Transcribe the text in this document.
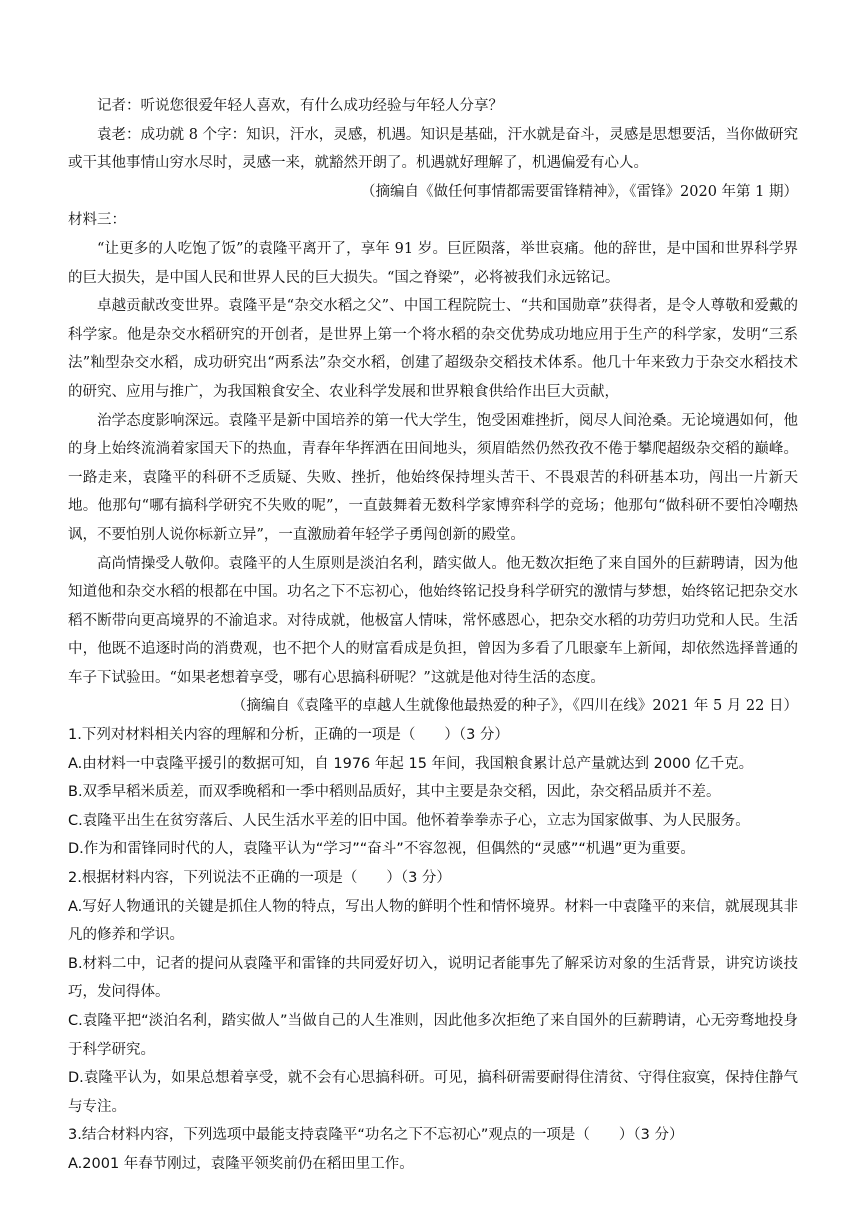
记者：听说您很爱年轻人喜欢，有什么成功经验与年轻人分享？

袁老：成功就 8 个字：知识，汗水，灵感，机遇。知识是基础，汗水就是奋斗，灵感是思想要活，当你做研究或干其他事情山穷水尽时，灵感一来，就豁然开朗了。机遇就好理解了，机遇偏爱有心人。

（摘编自《做任何事情都需要雷锋精神》，《雷锋》2020 年第 1 期）

材料三：

“让更多的人吃饱了饭”的袁隆平离开了，享年 91 岁。巨匠陨落，举世哀痛。他的辞世，是中国和世界科学界的巨大损失，是中国人民和世界人民的巨大损失。“国之脊梁”，必将被我们永远铭记。

卓越贡献改变世界。袁隆平是“杂交水稻之父”、中国工程院院士、“共和国勋章”获得者，是令人尊敬和爱戴的科学家。他是杂交水稻研究的开创者，是世界上第一个将水稻的杂交优势成功地应用于生产的科学家，发明“三系法”籼型杂交水稻，成功研究出“两系法”杂交水稻，创建了超级杂交稻技术体系。他几十年来致力于杂交水稻技术的研究、应用与推广，为我国粮食安全、农业科学发展和世界粮食供给作出巨大贡献，

治学态度影响深远。袁隆平是新中国培养的第一代大学生，饱受困难挫折，阅尽人间沧桑。无论境遇如何，他的身上始终流淌着家国天下的热血，青春年华挥洒在田间地头，须眉皓然仍然孜孜不倦于攀爬超级杂交稻的巅峰。一路走来，袁隆平的科研不乏质疑、失败、挫折，他始终保持埋头苦干、不畏艰苦的科研基本功，闯出一片新天地。他那句“哪有搞科学研究不失败的呢”，一直鼓舞着无数科学家博弈科学的竞场；他那句“做科研不要怕冷嘲热讽，不要怕别人说你标新立异”，一直激励着年轻学子勇闯创新的殿堂。

高尚情操受人敬仰。袁隆平的人生原则是淡泊名利，踏实做人。他无数次拒绝了来自国外的巨薪聘请，因为他知道他和杂交水稻的根都在中国。功名之下不忘初心，他始终铭记投身科学研究的激情与梦想，始终铭记把杂交水稻不断带向更高境界的不渝追求。对待成就，他极富人情味，常怀感恩心，把杂交水稻的功劳归功党和人民。生活中，他既不追逐时尚的消费观，也不把个人的财富看成是负担，曾因为多看了几眼豪车上新闻，却依然选择普通的车子下试验田。“如果老想着享受，哪有心思搞科研呢？”这就是他对待生活的态度。

（摘编自《袁隆平的卓越人生就像他最热爱的种子》，《四川在线》2021 年 5 月 22 日）

1.下列对材料相关内容的理解和分析，正确的一项是（　　）（3 分）

A.由材料一中袁隆平援引的数据可知，自 1976 年起 15 年间，我国粮食累计总产量就达到 2000 亿千克。

B.双季早稻米质差，而双季晚稻和一季中稻则品质好，其中主要是杂交稻，因此，杂交稻品质并不差。

C.袁隆平出生在贫穷落后、人民生活水平差的旧中国。他怀着拳拳赤子心，立志为国家做事、为人民服务。

D.作为和雷锋同时代的人，袁隆平认为“学习”“奋斗”不容忽视，但偶然的“灵感”“机遇”更为重要。

2.根据材料内容，下列说法不正确的一项是（　　）（3 分）

A.写好人物通讯的关键是抓住人物的特点，写出人物的鲜明个性和情怀境界。材料一中袁隆平的来信，就展现其非凡的修养和学识。

B.材料二中，记者的提问从袁隆平和雷锋的共同爱好切入，说明记者能事先了解采访对象的生活背景，讲究访谈技巧，发问得体。

C.袁隆平把“淡泊名利，踏实做人”当做自己的人生准则，因此他多次拒绝了来自国外的巨薪聘请，心无旁骛地投身于科学研究。

D.袁隆平认为，如果总想着享受，就不会有心思搞科研。可见，搞科研需要耐得住清贫、守得住寂寞，保持住静气与专注。

3.结合材料内容，下列选项中最能支持袁隆平“功名之下不忘初心”观点的一项是（　　）（3 分）

A.2001 年春节刚过，袁隆平领奖前仍在稻田里工作。
